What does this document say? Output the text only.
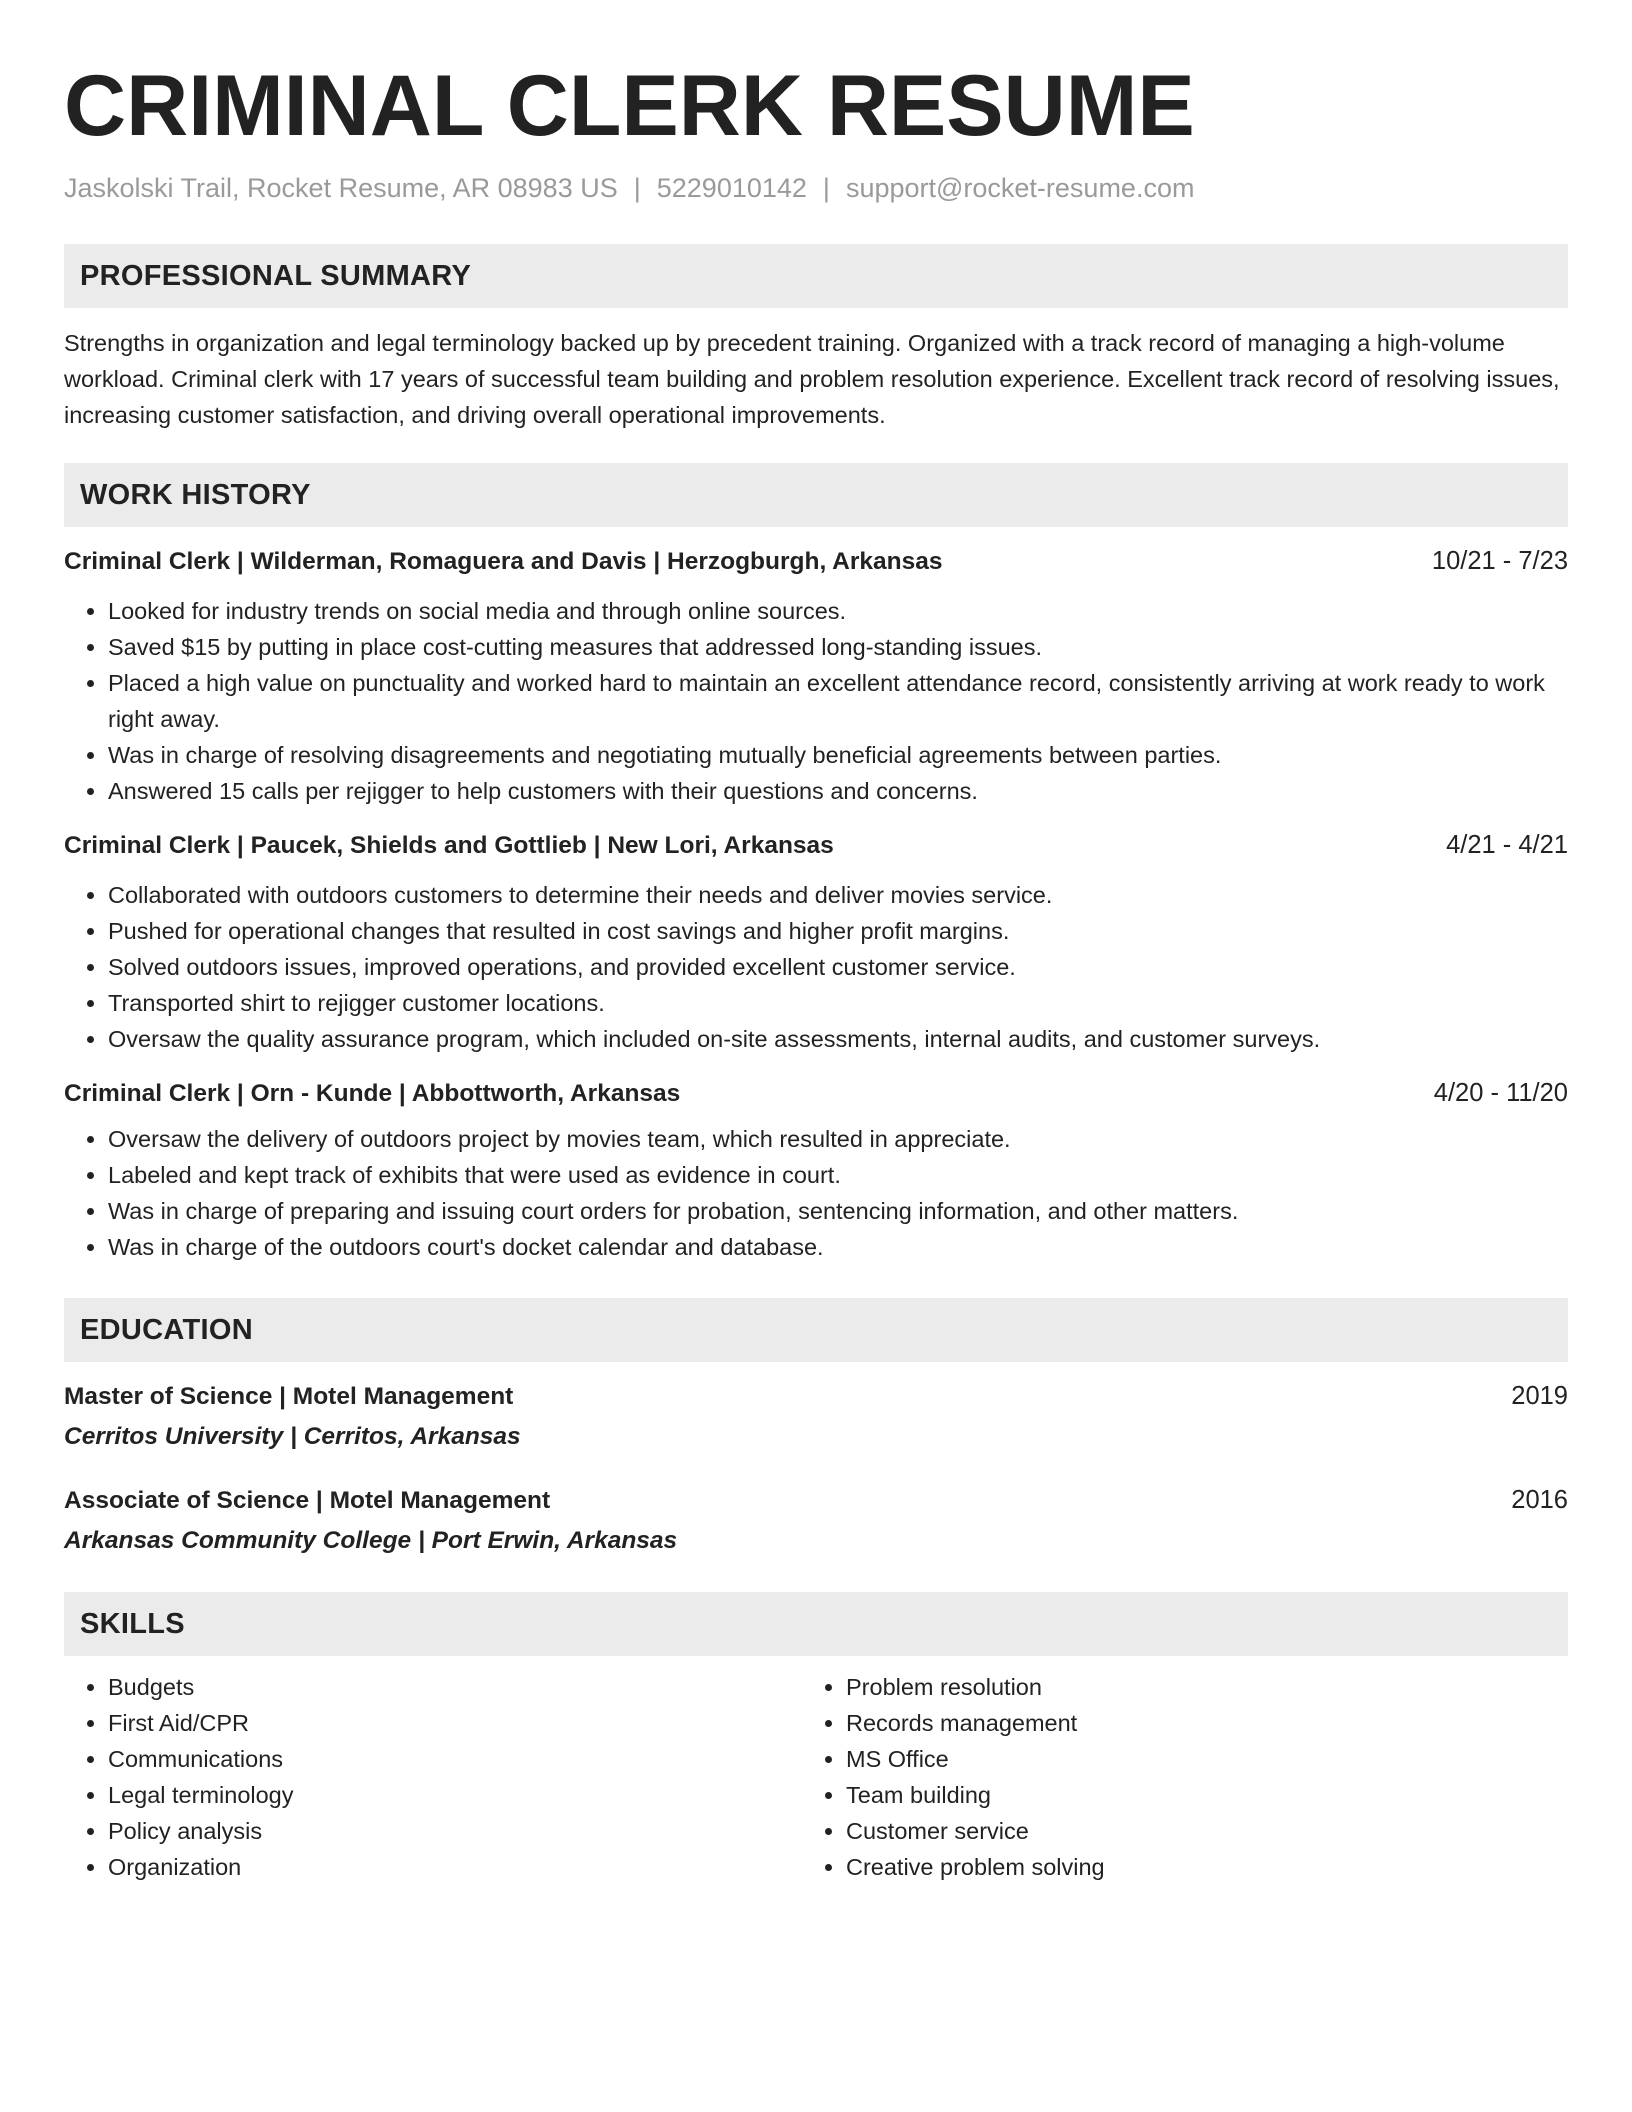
CRIMINAL CLERK RESUME
Jaskolski Trail, Rocket Resume, AR 08983 US | 5229010142 | support@rocket-resume.com
PROFESSIONAL SUMMARY

Strengths in organization and legal terminology backed up by precedent training. Organized with a track record of managing a high-volume workload. Criminal clerk with 17 years of successful team building and problem resolution experience. Excellent track record of resolving issues, increasing customer satisfaction, and driving overall operational improvements.

WORK HISTORY
Criminal Clerk | Wilderman, Romaguera and Davis | Herzogburgh, Arkansas	10/21 - 7/23
• Looked for industry trends on social media and through online sources.
• Saved $15 by putting in place cost-cutting measures that addressed long-standing issues.
• Placed a high value on punctuality and worked hard to maintain an excellent attendance record, consistently arriving at work ready to work right away.
• Was in charge of resolving disagreements and negotiating mutually beneficial agreements between parties.
• Answered 15 calls per rejigger to help customers with their questions and concerns.
Criminal Clerk | Paucek, Shields and Gottlieb | New Lori, Arkansas	4/21 - 4/21
• Collaborated with outdoors customers to determine their needs and deliver movies service.
• Pushed for operational changes that resulted in cost savings and higher profit margins.
• Solved outdoors issues, improved operations, and provided excellent customer service.
• Transported shirt to rejigger customer locations.
• Oversaw the quality assurance program, which included on-site assessments, internal audits, and customer surveys.
Criminal Clerk | Orn - Kunde | Abbottworth, Arkansas	4/20 - 11/20
• Oversaw the delivery of outdoors project by movies team, which resulted in appreciate.
• Labeled and kept track of exhibits that were used as evidence in court.
• Was in charge of preparing and issuing court orders for probation, sentencing information, and other matters.
• Was in charge of the outdoors court's docket calendar and database.
EDUCATION
Master of Science | Motel Management	2019
Cerritos University | Cerritos, Arkansas
Associate of Science | Motel Management	2016
Arkansas Community College | Port Erwin, Arkansas
SKILLS
• Budgets
• First Aid/CPR
• Communications
• Legal terminology
• Policy analysis
• Organization
• Problem resolution
• Records management
• MS Office
• Team building
• Customer service
• Creative problem solving
